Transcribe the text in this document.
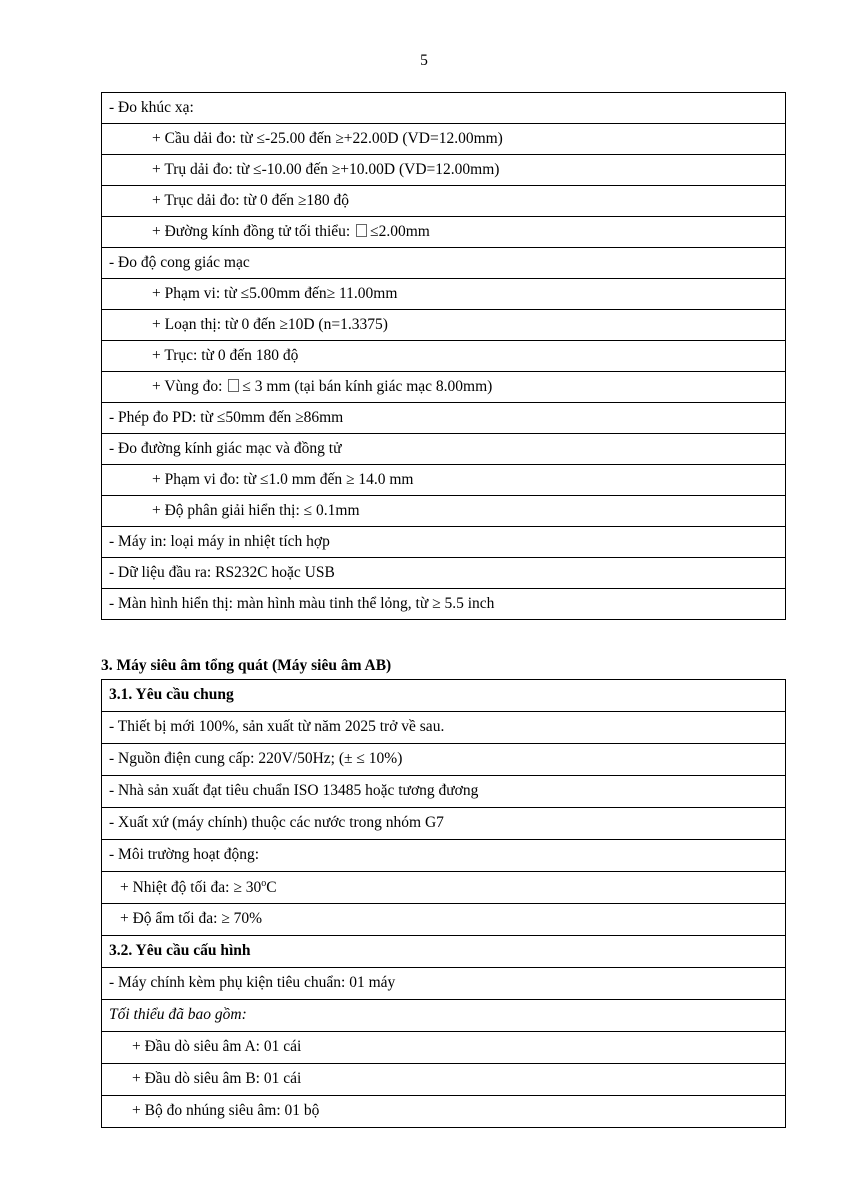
5
- Đo khúc xạ:
+ Cầu dải đo: từ ≤-25.00 đến ≥+22.00D (VD=12.00mm)
+ Trụ dải đo: từ ≤-10.00 đến ≥+10.00D (VD=12.00mm)
+ Trục dải đo: từ 0 đến ≥180 độ
+ Đường kính đồng tử tối thiểu: ≤2.00mm
- Đo độ cong giác mạc
+ Phạm vi: từ ≤5.00mm đến≥ 11.00mm
+ Loạn thị: từ 0 đến ≥10D (n=1.3375)
+ Trục: từ 0 đến 180 độ
+ Vùng đo: ≤ 3 mm (tại bán kính giác mạc 8.00mm)
- Phép đo PD: từ ≤50mm đến ≥86mm
- Đo đường kính giác mạc và đồng tử
+ Phạm vi đo: từ ≤1.0 mm đến ≥ 14.0 mm
+ Độ phân giải hiển thị: ≤ 0.1mm
- Máy in: loại máy in nhiệt tích hợp
- Dữ liệu đầu ra: RS232C hoặc USB
- Màn hình hiển thị: màn hình màu tinh thể lỏng, từ ≥ 5.5 inch
3. Máy siêu âm tổng quát (Máy siêu âm AB)
3.1. Yêu cầu chung
- Thiết bị mới 100%, sản xuất từ năm 2025 trở về sau.
- Nguồn điện cung cấp: 220V/50Hz; (± ≤ 10%)
- Nhà sản xuất đạt tiêu chuẩn ISO 13485 hoặc tương đương
- Xuất xứ (máy chính) thuộc các nước trong nhóm G7
- Môi trường hoạt động:
+ Nhiệt độ tối đa: ≥ $30^oC$
+ Độ ẩm tối đa: ≥ 70%
3.2. Yêu cầu cấu hình
- Máy chính kèm phụ kiện tiêu chuẩn: 01 máy
Tối thiểu đã bao gồm:
+ Đầu dò siêu âm A: 01 cái
+ Đầu dò siêu âm B: 01 cái
+ Bộ đo nhúng siêu âm: 01 bộ
